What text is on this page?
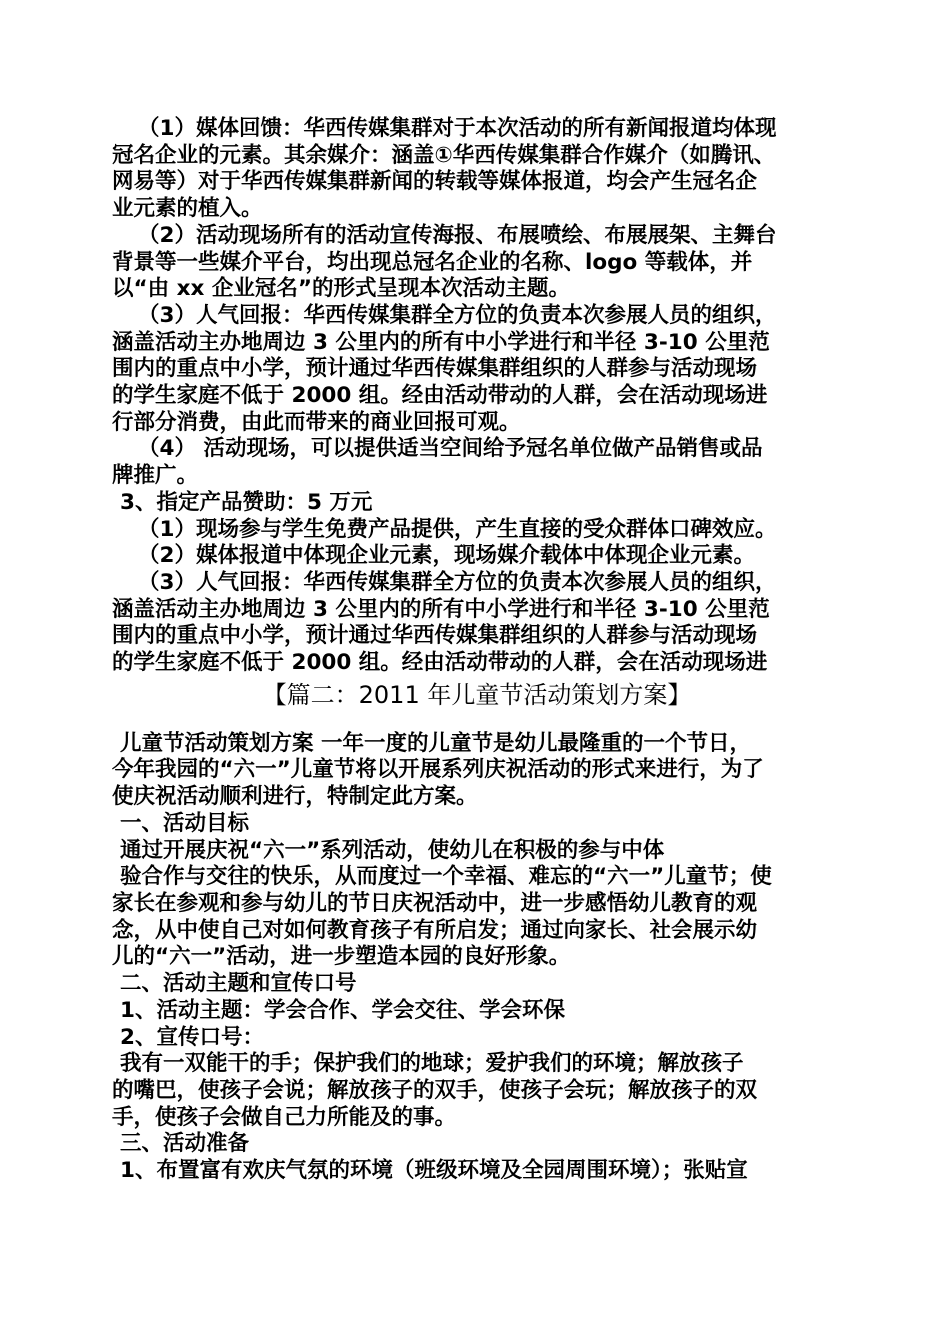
（1）媒体回馈：华西传媒集群对于本次活动的所有新闻报道均体现
冠名企业的元素。其余媒介：涵盖①华西传媒集群合作媒介（如腾讯、
网易等）对于华西传媒集群新闻的转载等媒体报道，均会产生冠名企
业元素的植入。
（2）活动现场所有的活动宣传海报、布展喷绘、布展展架、主舞台
背景等一些媒介平台，均出现总冠名企业的名称、logo 等载体，并
以“由 xx 企业冠名”的形式呈现本次活动主题。
（3）人气回报：华西传媒集群全方位的负责本次参展人员的组织，
涵盖活动主办地周边 3 公里内的所有中小学进行和半径 3-10 公里范
围内的重点中小学，预计通过华西传媒集群组织的人群参与活动现场
的学生家庭不低于 2000 组。经由活动带动的人群，会在活动现场进
行部分消费，由此而带来的商业回报可观。
（4） 活动现场，可以提供适当空间给予冠名单位做产品销售或品
牌推广。
3、指定产品赞助：5 万元
（1）现场参与学生免费产品提供，产生直接的受众群体口碑效应。
（2）媒体报道中体现企业元素，现场媒介载体中体现企业元素。
（3）人气回报：华西传媒集群全方位的负责本次参展人员的组织，
涵盖活动主办地周边 3 公里内的所有中小学进行和半径 3-10 公里范
围内的重点中小学，预计通过华西传媒集群组织的人群参与活动现场
的学生家庭不低于 2000 组。经由活动带动的人群，会在活动现场进
【篇二：2011 年儿童节活动策划方案】
儿童节活动策划方案 一年一度的儿童节是幼儿最隆重的一个节日，
今年我园的“六一”儿童节将以开展系列庆祝活动的形式来进行，为了
使庆祝活动顺利进行，特制定此方案。
一、活动目标
通过开展庆祝“六一”系列活动，使幼儿在积极的参与中体
验合作与交往的快乐，从而度过一个幸福、难忘的“六一”儿童节；使
家长在参观和参与幼儿的节日庆祝活动中，进一步感悟幼儿教育的观
念，从中使自己对如何教育孩子有所启发；通过向家长、社会展示幼
儿的“六一”活动，进一步塑造本园的良好形象。
二、活动主题和宣传口号
1、活动主题：学会合作、学会交往、学会环保
2、宣传口号：
我有一双能干的手；保护我们的地球；爱护我们的环境；解放孩子
的嘴巴，使孩子会说；解放孩子的双手，使孩子会玩；解放孩子的双
手，使孩子会做自己力所能及的事。
三、活动准备
1、布置富有欢庆气氛的环境（班级环境及全园周围环境）；张贴宣
